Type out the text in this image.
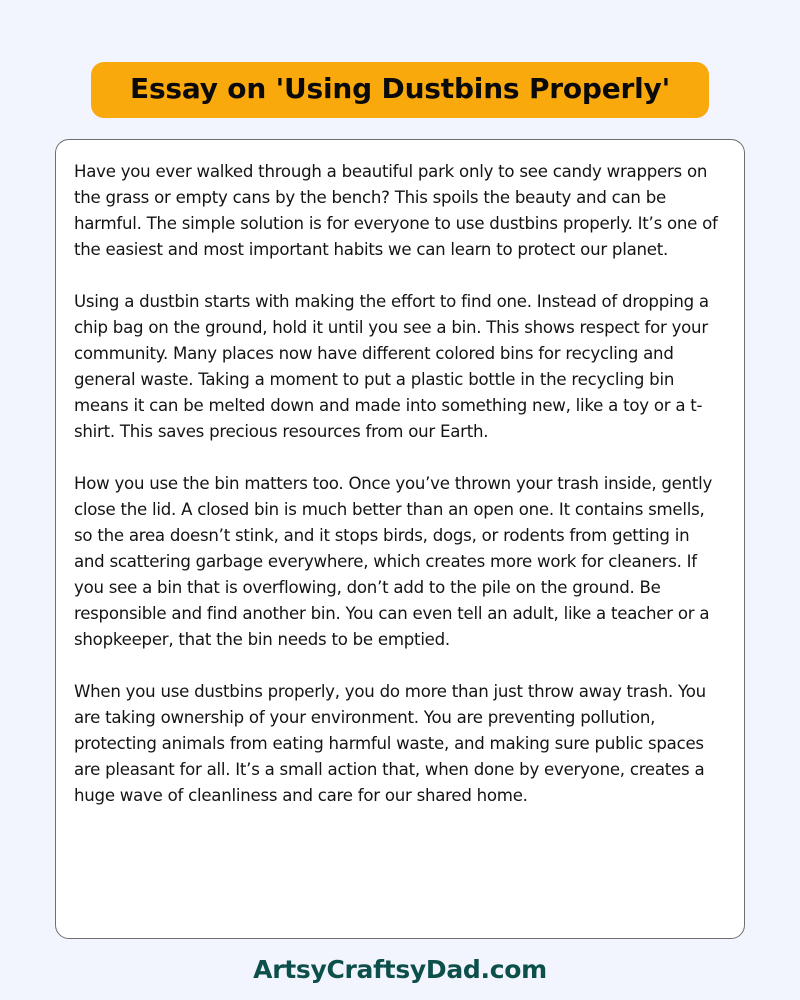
Essay on 'Using Dustbins Properly'

Have you ever walked through a beautiful park only to see candy wrappers on the grass or empty cans by the bench? This spoils the beauty and can be harmful. The simple solution is for everyone to use dustbins properly. It’s one of the easiest and most important habits we can learn to protect our planet.

Using a dustbin starts with making the effort to find one. Instead of dropping a chip bag on the ground, hold it until you see a bin. This shows respect for your community. Many places now have different colored bins for recycling and general waste. Taking a moment to put a plastic bottle in the recycling bin means it can be melted down and made into something new, like a toy or a t-shirt. This saves precious resources from our Earth.

How you use the bin matters too. Once you’ve thrown your trash inside, gently close the lid. A closed bin is much better than an open one. It contains smells, so the area doesn’t stink, and it stops birds, dogs, or rodents from getting in and scattering garbage everywhere, which creates more work for cleaners. If you see a bin that is overflowing, don’t add to the pile on the ground. Be responsible and find another bin. You can even tell an adult, like a teacher or a shopkeeper, that the bin needs to be emptied.

When you use dustbins properly, you do more than just throw away trash. You are taking ownership of your environment. You are preventing pollution, protecting animals from eating harmful waste, and making sure public spaces are pleasant for all. It’s a small action that, when done by everyone, creates a huge wave of cleanliness and care for our shared home.

ArtsyCraftsyDad.com
